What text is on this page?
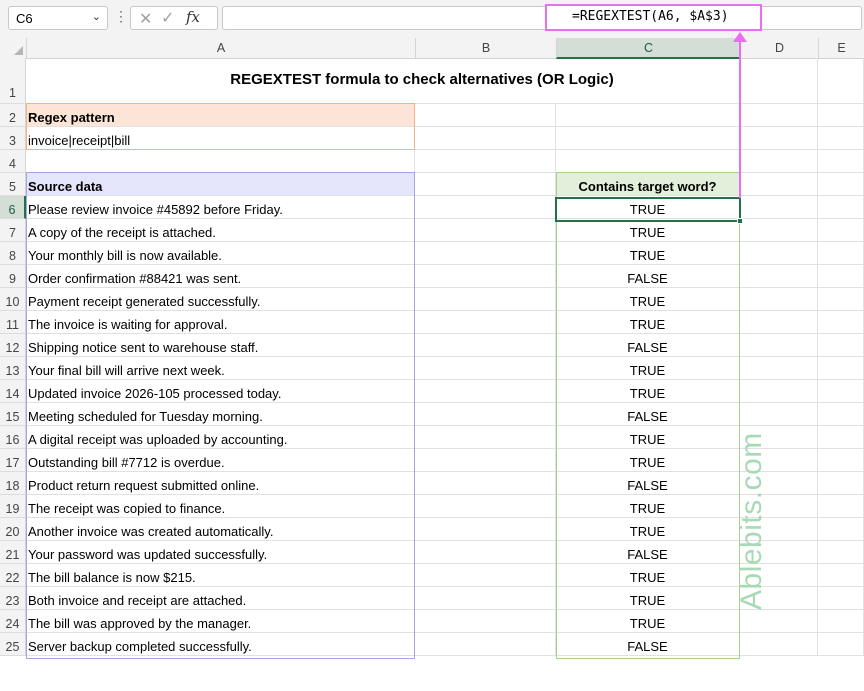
C6	⌄ ⋮ ✕ ✓ fx	=REGEXTEST(A6, $A$3)
A	B	C	D	E
1
REGEXTEST formula to check alternatives (OR Logic)
2 Regex pattern
3 invoice|receipt|bill
4
5 Source data	Contains target word?
6 Please review invoice #45892 before Friday.	TRUE
7 A copy of the receipt is attached.	TRUE
8 Your monthly bill is now available.	TRUE
9 Order confirmation #88421 was sent.	FALSE
10 Payment receipt generated successfully.	TRUE
11 The invoice is waiting for approval.	TRUE
12 Shipping notice sent to warehouse staff.	FALSE
13 Your final bill will arrive next week.	TRUE
14 Updated invoice 2026-105 processed today.	TRUE
15 Meeting scheduled for Tuesday morning.	FALSE
16 A digital receipt was uploaded by accounting.	TRUE
17 Outstanding bill #7712 is overdue.	TRUE
18 Product return request submitted online.	FALSE
19 The receipt was copied to finance.	TRUE
20 Another invoice was created automatically.	TRUE
21 Your password was updated successfully.	FALSE
22 The bill balance is now $215.	TRUE
23 Both invoice and receipt are attached.	TRUE
24 The bill was approved by the manager.	TRUE
25 Server backup completed successfully.	FALSE
Ablebits.com
